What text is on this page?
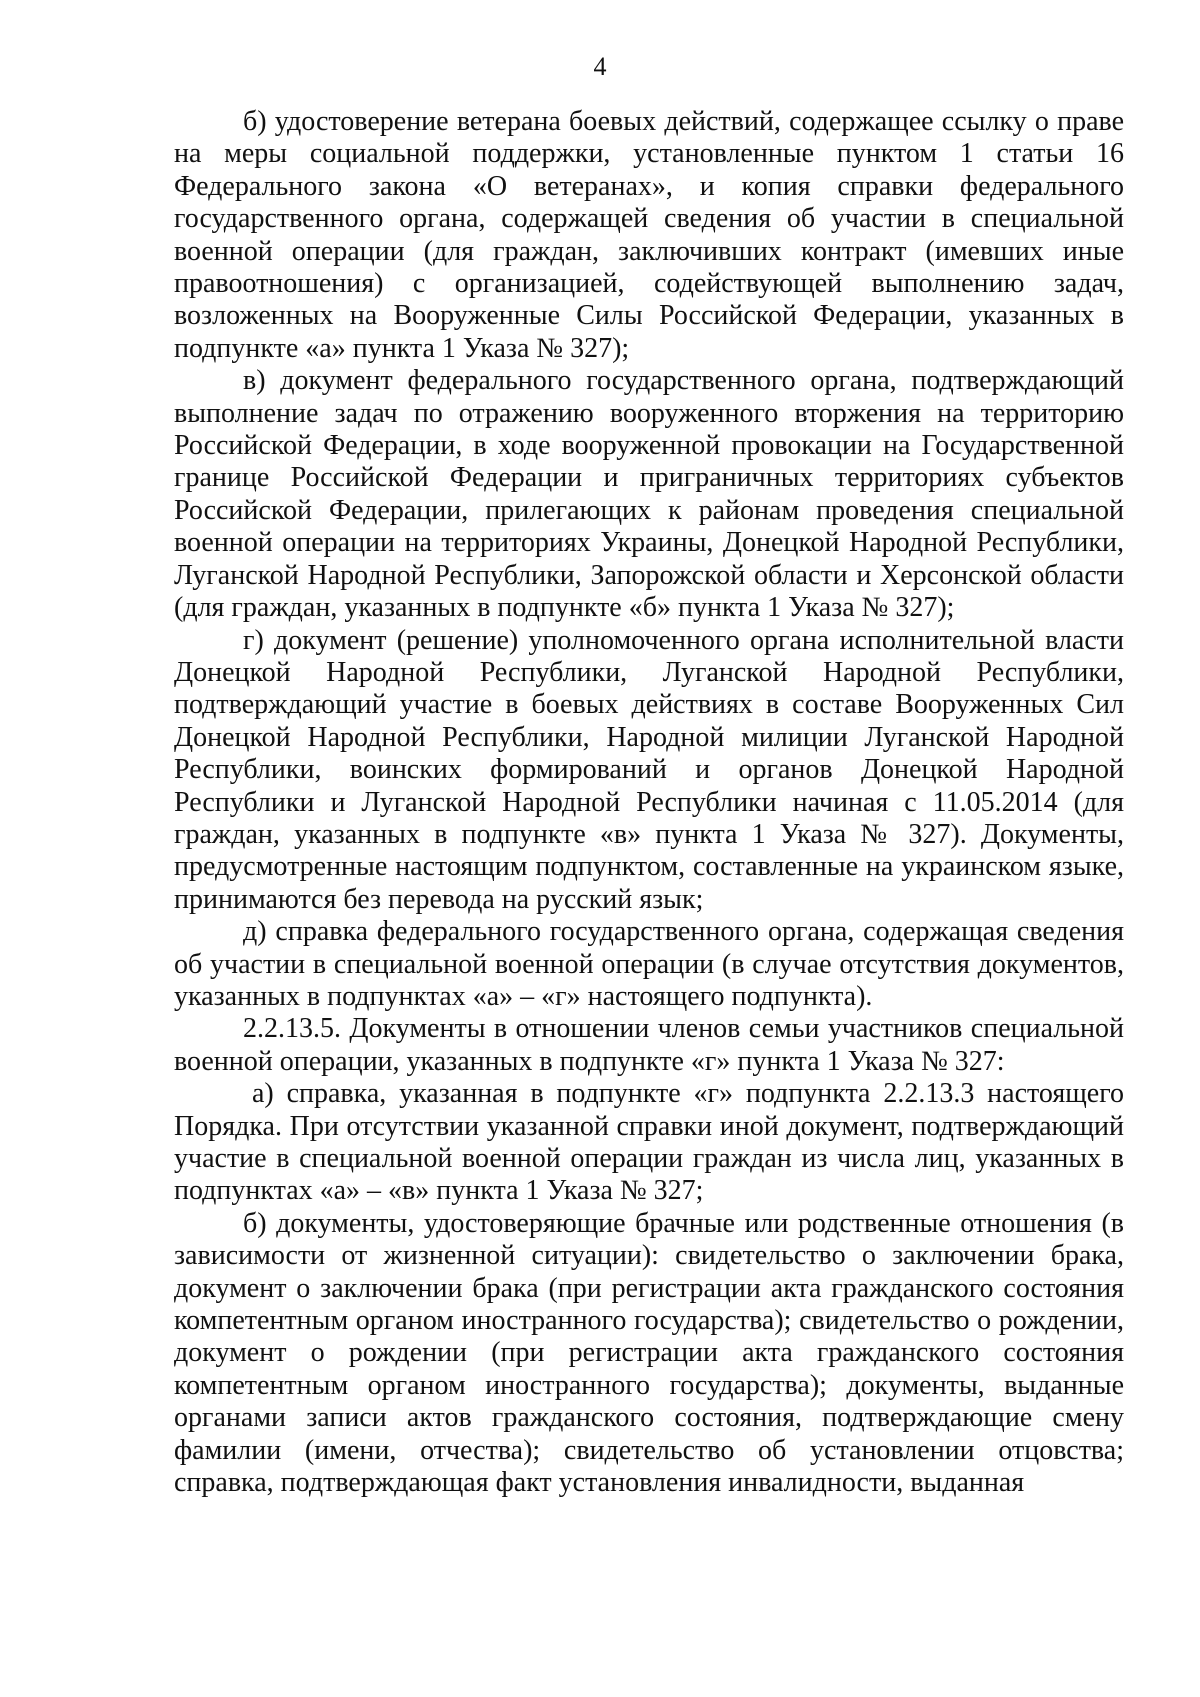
4

б) удостоверение ветерана боевых действий, содержащее ссылку о праве на меры социальной поддержки, установленные пунктом 1 статьи 16 Федерального закона «О ветеранах», и копия справки федерального государственного органа, содержащей сведения об участии в специальной военной операции (для граждан, заключивших контракт (имевших иные правоотношения) с организацией, содействующей выполнению задач, возложенных на Вооруженные Силы Российской Федерации, указанных в подпункте «а» пункта 1 Указа № 327);

в) документ федерального государственного органа, подтверждающий выполнение задач по отражению вооруженного вторжения на территорию Российской Федерации, в ходе вооруженной провокации на Государственной границе Российской Федерации и приграничных территориях субъектов Российской Федерации, прилегающих к районам проведения специальной военной операции на территориях Украины, Донецкой Народной Республики, Луганской Народной Республики, Запорожской области и Херсонской области (для граждан, указанных в подпункте «б» пункта 1 Указа № 327);

г) документ (решение) уполномоченного органа исполнительной власти Донецкой Народной Республики, Луганской Народной Республики, подтверждающий участие в боевых действиях в составе Вооруженных Сил Донецкой Народной Республики, Народной милиции Луганской Народной Республики, воинских формирований и органов Донецкой Народной Республики и Луганской Народной Республики начиная с 11.05.2014 (для граждан, указанных в подпункте «в» пункта 1 Указа № 327). Документы, предусмотренные настоящим подпунктом, составленные на украинском языке, принимаются без перевода на русский язык;

д) справка федерального государственного органа, содержащая сведения об участии в специальной военной операции (в случае отсутствия документов, указанных в подпунктах «а» – «г» настоящего подпункта).

2.2.13.5. Документы в отношении членов семьи участников специальной военной операции, указанных в подпункте «г» пункта 1 Указа № 327:

а) справка, указанная в подпункте «г» подпункта 2.2.13.3 настоящего Порядка. При отсутствии указанной справки иной документ, подтверждающий участие в специальной военной операции граждан из числа лиц, указанных в подпунктах «а» – «в» пункта 1 Указа № 327;

б) документы, удостоверяющие брачные или родственные отношения (в зависимости от жизненной ситуации): свидетельство о заключении брака, документ о заключении брака (при регистрации акта гражданского состояния компетентным органом иностранного государства); свидетельство о рождении, документ о рождении (при регистрации акта гражданского состояния компетентным органом иностранного государства); документы, выданные органами записи актов гражданского состояния, подтверждающие смену фамилии (имени, отчества); свидетельство об установлении отцовства; справка, подтверждающая факт установления инвалидности, выданная
